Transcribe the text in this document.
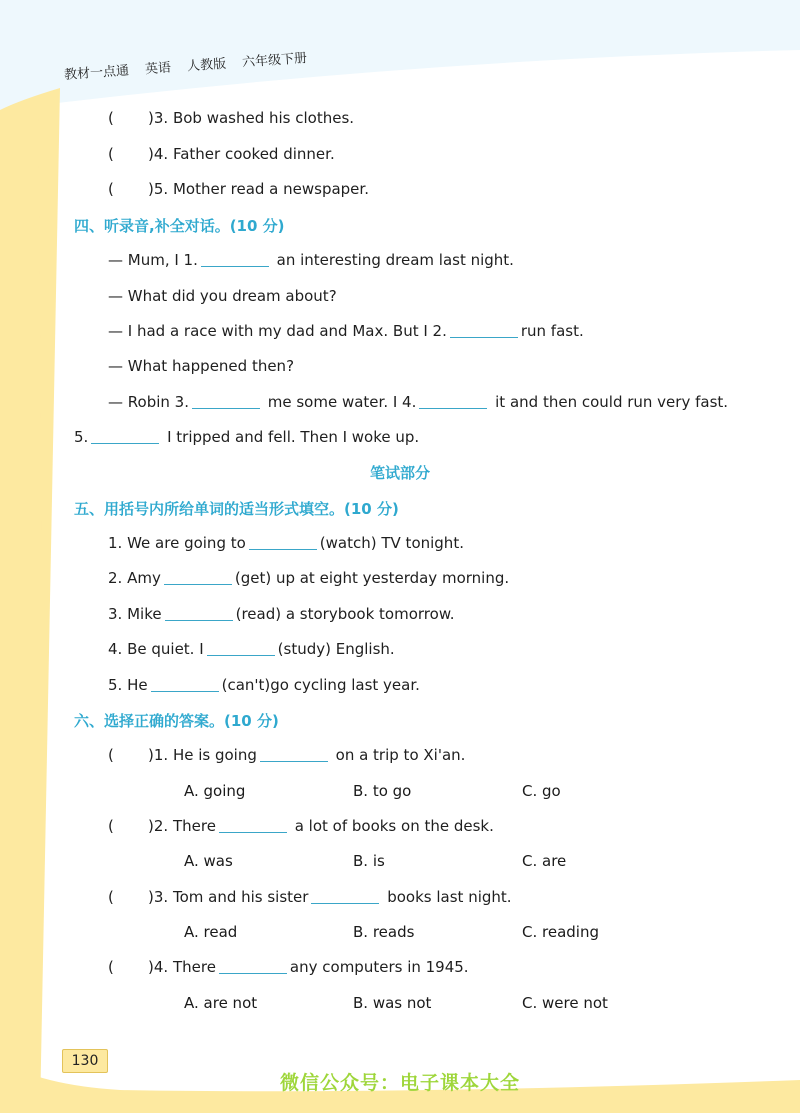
教材一点通 英语 人教版 六年级下册
( )3. Bob washed his clothes.
( )4. Father cooked dinner.
( )5. Mother read a newspaper.
四、听录音,补全对话。(10 分)
— Mum, I 1.	an interesting dream last night.
— What did you dream about?
— I had a race with my dad and Max. But I 2.	run fast.
— What happened then?
— Robin 3.	me some water. I 4.	it and then could run very fast.
5.	I tripped and fell. Then I woke up.
笔试部分
五、用括号内所给单词的适当形式填空。(10 分)
1. We are going to	(watch) TV tonight.
2. Amy	(get) up at eight yesterday morning.
3. Mike	(read) a storybook tomorrow.
4. Be quiet. I	(study) English.
5. He	(can't)go cycling last year.
六、选择正确的答案。(10 分)
( )1. He is going	on a trip to Xi'an.
A. going	B. to go	C. go
( )2. There	a lot of books on the desk.
A. was	B. is	C. are
( )3. Tom and his sister	books last night.
A. read	B. reads	C. reading
( )4. There	any computers in 1945.
A. are not	B. was not	C. were not
130
微信公众号：电子课本大全
